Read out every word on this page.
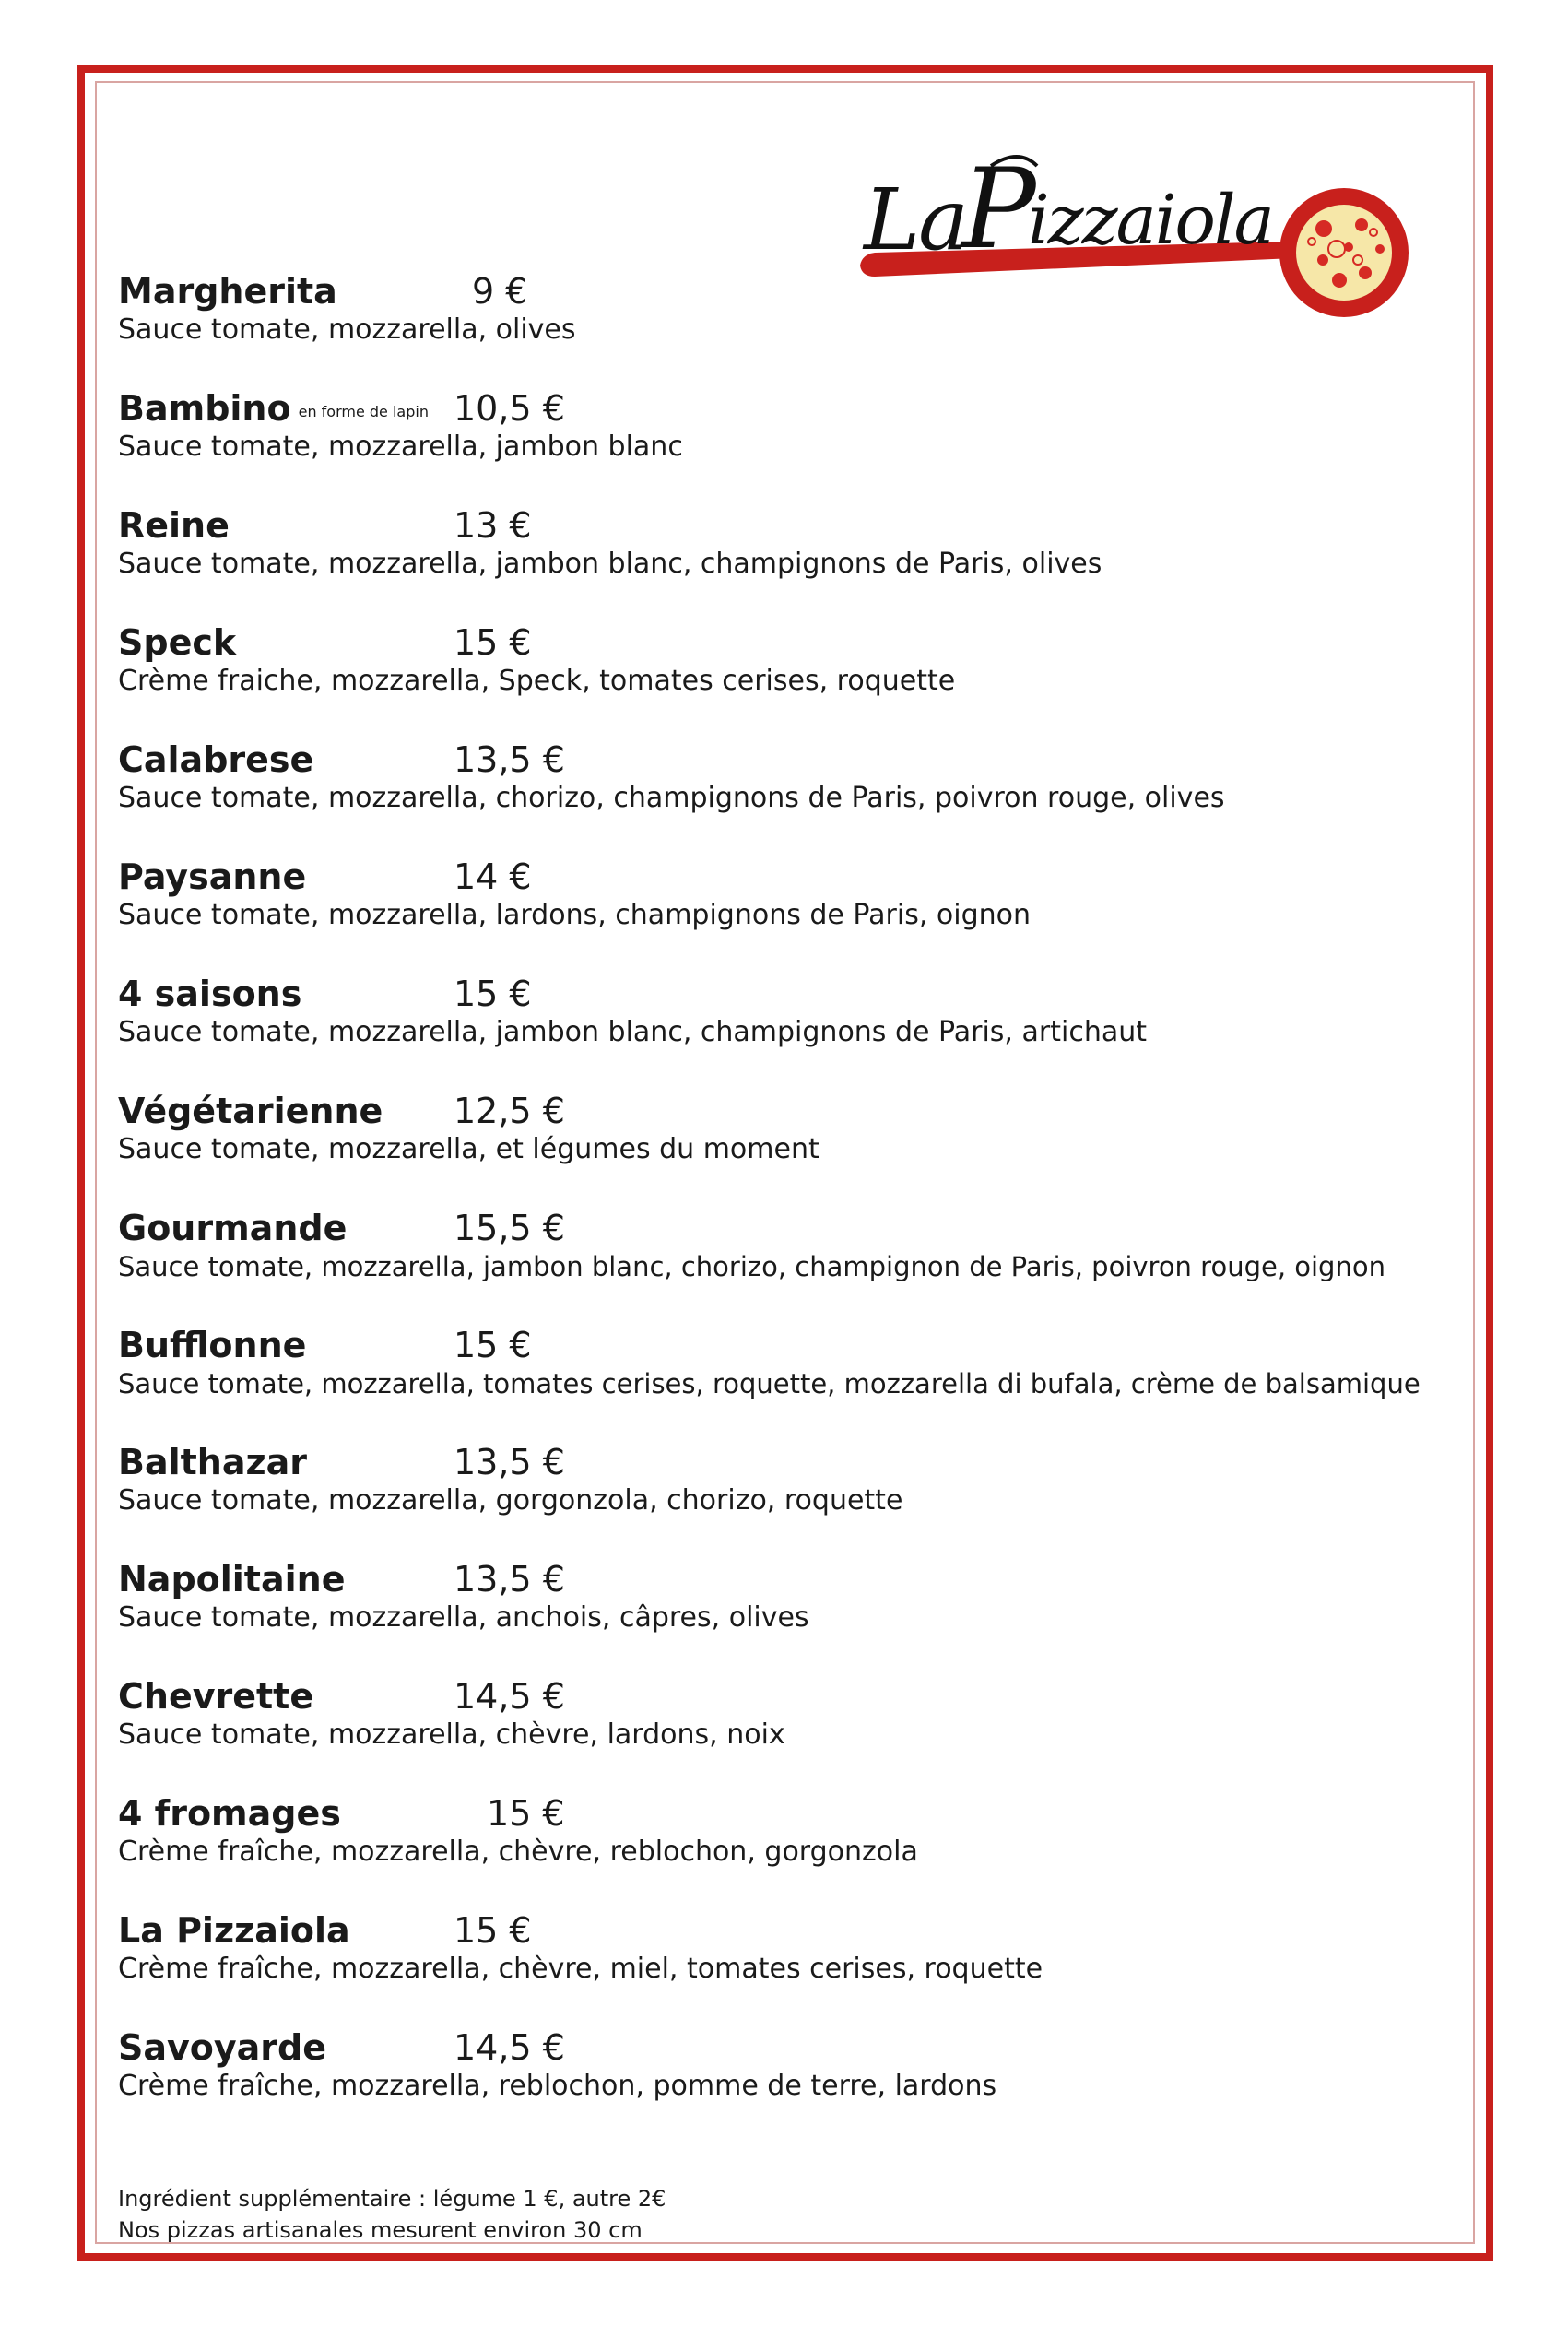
La
P
izzaiola
Margherita	9 €
Sauce tomate, mozzarella, olives
Bambino en forme de lapin 10,5 €
Sauce tomate, mozzarella, jambon blanc
Reine	13 €
Sauce tomate, mozzarella, jambon blanc, champignons de Paris, olives
Speck	15 €
Crème fraiche, mozzarella, Speck, tomates cerises, roquette
Calabrese	13,5 €
Sauce tomate, mozzarella, chorizo, champignons de Paris, poivron rouge, olives
Paysanne	14 €
Sauce tomate, mozzarella, lardons, champignons de Paris, oignon
4 saisons	15 €
Sauce tomate, mozzarella, jambon blanc, champignons de Paris, artichaut
Végétarienne 12,5 €
Sauce tomate, mozzarella, et légumes du moment
Gourmande	15,5 €
Sauce tomate, mozzarella, jambon blanc, chorizo, champignon de Paris, poivron rouge, oignon
Bufflonne	15 €
Sauce tomate, mozzarella, tomates cerises, roquette, mozzarella di bufala, crème de balsamique
Balthazar	13,5 €
Sauce tomate, mozzarella, gorgonzola, chorizo, roquette
Napolitaine	13,5 €
Sauce tomate, mozzarella, anchois, câpres, olives
Chevrette	14,5 €
Sauce tomate, mozzarella, chèvre, lardons, noix
4 fromages	15 €
Crème fraîche, mozzarella, chèvre, reblochon, gorgonzola
La Pizzaiola	15 €
Crème fraîche, mozzarella, chèvre, miel, tomates cerises, roquette
Savoyarde	14,5 €
Crème fraîche, mozzarella, reblochon, pomme de terre, lardons
Ingrédient supplémentaire : légume 1 €, autre 2€
Nos pizzas artisanales mesurent environ 30 cm
